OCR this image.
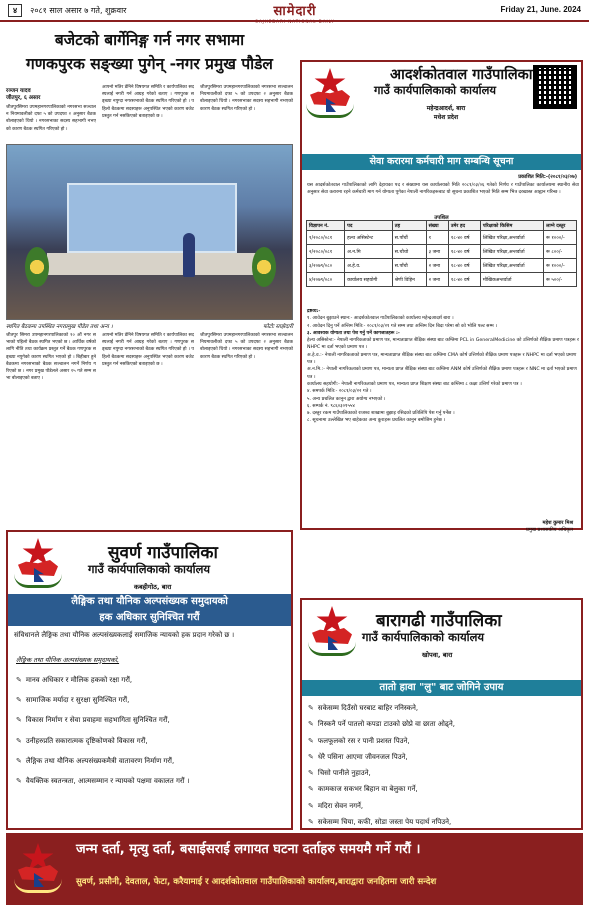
४	२०८१ साल असार ७ गते, शुक्रवार	सामेदारी
SAJHEDARI NATIONAL DAILY
Friday 21, June. 2024
बजेटको बार्गेनिङ्ग गर्न नगर सभामा
गणकपुरक सङ्ख्या पुगेन् -नगर प्रमुख पौडेल
रञ्जन यादव
जीतपुर, ६ असार

जीतपुरसिमरा उपमहानगरपालिकाको नगरसभा सञ्चालन नियमावलीको दफा ५ को उपदफा २ अनुसार बैठक बोलाइएको थियो । नगरसभाका सदस्य सहभागी नभएको कारण बैठक स्थगित गरिएको हो ।

आफ्नो मतिर डेनिने विषयगत समिति र कार्यपालिका सदस्यलाई नगरी गर्न आग्रह गरेको बताए । गणपुरक सङ्ख्या नपुग्दा नगरसभाको बैठक स्थगित गरिएको हो । पहिलो बैठकमा सदस्यहरू अनुपस्थित भएको कारण बजेट प्रस्तुत गर्न नसकिएको बताइएको छ ।

जीतपुरसिमरा उपमहानगरपालिकाको नगरसभा सञ्चालन नियमावलीको दफा ५ को उपदफा २ अनुसार बैठक बोलाइएको थियो । नगरसभाका सदस्य सहभागी नभएको कारण बैठक स्थगित गरिएको हो ।

स्थगित बैठकमा उपस्थित नगरप्रमुख पौडेल तथा अन्य ।	फोटोः साझेदारी

जीतपुर सिमरा उपमहानगरपालिकाको १० औं नगर सभाको पहिलो बैठक स्थगित भएको छ । आर्थिक वर्षको लागि नीति तथा कार्यक्रम प्रस्तुत गर्ने बैठक गणपुरक सङ्ख्या नपुगेको कारण स्थगित भएको हो । बिहीबार हुने बैठकमा नगरसभाको बैठक सञ्चालन नगर्ने निर्णय गरिएको छ । नगर प्रमुख पौडेलले असार १५ गते सम्म सभा बोलाइएको बताए ।

आफ्नो मतिर डेनिने विषयगत समिति र कार्यपालिका सदस्यलाई नगरी गर्न आग्रह गरेको बताए । गणपुरक सङ्ख्या नपुग्दा नगरसभाको बैठक स्थगित गरिएको हो । पहिलो बैठकमा सदस्यहरू अनुपस्थित भएको कारण बजेट प्रस्तुत गर्न नसकिएको बताइएको छ ।

जीतपुरसिमरा उपमहानगरपालिकाको नगरसभा सञ्चालन नियमावलीको दफा ५ को उपदफा २ अनुसार बैठक बोलाइएको थियो । नगरसभाका सदस्य सहभागी नभएको कारण बैठक स्थगित गरिएको हो ।

आदर्शकोतवाल गाउँपालिका
गाउँ कार्यपालिकाको कार्यालय
महेन्द्रआदर्श, बारा
मधेश प्रदेश
सेवा करारमा कर्मचारी माग सम्बन्धि सूचना
प्रकाशित मिति:-(२०८१/०३/०७)
यस आदर्शकोतवाल गाउँपालिकाको लागि देहायका पद र संख्यामा यस कार्यालयको मिति २०८१/०३/०६ गतेको निर्णय र गाउँपालिका कार्यालयमा स्थानीय सेवा अनुसार सेवा करारमा रहने कर्मचारी माग गर्न योग्यता पुगेका नेपाली नागरिकहरूबाट यो सूचना प्रकाशित भएको मिति सम्म भित्र दरखास्त आह्वान गरिन्छ ।
तपशिल
विज्ञापन नं.	पद	तह	संख्या	उमेर हद	परिक्षाको किसिम	लाग्ने दस्तुर
१/२०८०/०८१	हल्थ असिस्टेन्ट	स.पाँचौं	१	१८-४० वर्ष	लिखित परिक्षा,अन्तर्वार्ता	रू १०००/-
२/२०८०/०८१	अ.न.मि	स.चौथो	३ जना	१८-४० वर्ष	लिखित परिक्षा,अन्तर्वार्ता	रू ८००/-
३/२०७९/०८०	अ.हे.व.	स.पाँचौ	२ जना	१८-४० वर्ष	लिखित परिक्षा,अन्तर्वार्ता	रू १०००/-
४/२०७९/०८०	कार्यालय सहयोगी	श्रेणी विहिन	२ जना	१८-४० वर्ष	मौखिकअन्तर्वार्ता	रू ५००/-
द्रष्टव्य:-
१. आवेदन बुझाउने स्थान:- आदर्शकोतवाल गाउँपालिकाको कार्यालय महेन्द्रआदर्श बारा ।
२. आवेदन दिनु पर्ने अन्तिम मिति:- २०८१/०३/२१ गते सम्म तथा अन्तिम दिन बिदा परेमा सो को भोलि पल्ट सम्म ।
३. आवश्यक योग्यता तथा पेश गर्नु पर्ने कागजातहरू :-
हेल्थ असिस्टेन्ट:- नेपाली नागरिकताको प्रमाण पत्र, मान्यताप्राप्त शैक्षिक संस्था बाट कम्तिमा PCL in GeneralMedicine को उत्तिर्णको शैक्षिक प्रमाण पत्रहरू र NHPC मा दर्ता भएको प्रमाण पत्र ।
अ.हे.व.:- नेपाली नागरिकताको प्रमाण पत्र, मान्यताप्राप्त शैक्षिक संस्था बाट कम्तिमा CMA कोर्ष उत्तिर्णको शैक्षिक प्रमाण पत्रहरू र NHPC मा दर्ता भएको प्रमाण पत्र ।
अ.न.मि.:- नेपाली नागरिकताको प्रमाण पत्र, मान्यता प्राप्त शैक्षिक संस्था बाट कम्तिमा ANM कोर्ष उत्तिर्णको शैक्षिक प्रमाण पत्रहरू र NNC मा दर्ता भएको प्रमाण पत्र ।
कार्यालय सहयोगी:- नेपाली नागरिकताको प्रमाण पत्र, मान्यता प्राप्त शिक्षण संस्था बाट कम्तिमा ८ कक्षा उत्तिर्ण गरेको प्रमाण पत्र ।
४. समपर्क मिति:- २०८१/०३/२२ गते ।
५. अन्य प्रचलित कानुन द्वारा अयोग्य नभएको ।
६. सम्पर्क नं. ९८६०३०१५५४
७. दस्तुर रकम गाउँपालिकाको राजश्व शाखामा बुझाइ रसिदको प्रतिलिपि पेश गर्नु पर्नेछ ।
८. सूचनामा उल्लेखित भए बाहेकका अन्य कुराहरू प्रचलित कानुन बमोजिम हुनेछ ।
महेश कुमार मिश्र
प्रमुख प्रशासकीय अधिकृत
सुवर्ण गाउँपालिका
गाउँ कार्यपालिकाको कार्यालय
कबहीगोठ, बारा
लैङ्गिक तथा यौनिक अल्पसंख्यक समुदायको
हक अधिकार सुनिश्चित गरौं
संविधानले लैङ्गिक तथा यौनिक अल्पसंख्यकलाई समाजिक न्यायको हक प्रदान गरेको छ ।
लैङ्गिक तथा यौनिक अल्पसंख्यक समुदायको,
✎ मानव अधिकार र मौलिक हकको रक्षा गरौं,
✎ सामाजिक मर्यादा र सुरक्षा सुनिश्चित गरौं,
✎ विकास निर्माण र सेवा प्रवाहमा सहभागिता सुनिश्चित गरौं,
✎ उनीहरुप्रति सकारात्मक दृष्टिकोणको विकास गरौं,
✎ लैङ्गिक तथा यौनिक अल्पसंख्यकमैत्री वातावरण निर्माण गरौं,
✎ वैयक्तिक स्वतन्त्रता, आत्मसम्मान र न्यायको पक्षमा वकालत गरौं ।
बारागढी गाउँपालिका
गाउँ कार्यपालिकाको कार्यालय
खोपवा, बारा
तातो हावा "लु" बाट जोगिने उपाय
✎ सकेसम्म दिउँसो घरबाट बाहिर ननिस्कने,
✎ निस्कनै पर्ने पातलो कपडा टाउको छोप्ने वा छाता ओढ्ने,
✎ फलफूलको रस र पानी प्रशस्त पिउने,
✎ धेरै पसिना आएमा जीवनजल पिउने,
✎ चिसो पानीले नुहाउने,
✎ कामकाज सकभर बिहान वा बेलुका गर्ने,
✎ मदिरा सेवन नगर्ने,
✎ सकेसम्म चिया, कफी, सोडा जस्ता पेय पदार्थ नपिउने,
जन्म दर्ता, मृत्यु दर्ता, बसाईसराई लगायत घटना दर्ताहरु समयमै गर्ने गरौं ।
सुवर्ण, प्रसौनी, देवताल, फेटा, करैयामाई र आदर्शकोतवाल गाउँपालिकाको कार्यालय,बाराद्वारा जनहितमा जारी सन्देश
